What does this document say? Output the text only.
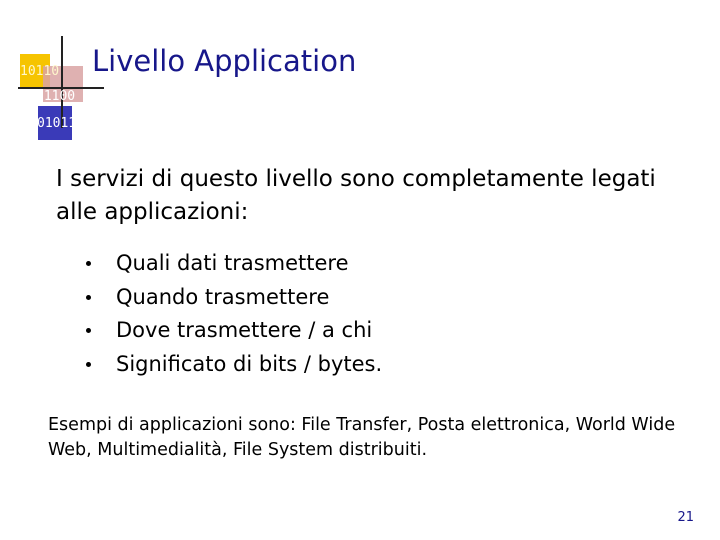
10110
01100
01011
Livello Application
I servizi di questo livello sono completamente legati alle applicazioni:
Quali dati trasmettere
Quando trasmettere
Dove trasmettere / a chi
Significato di bits / bytes.
Esempi di applicazioni sono: File Transfer, Posta elettronica, World Wide Web, Multimedialità, File System distribuiti.
21
